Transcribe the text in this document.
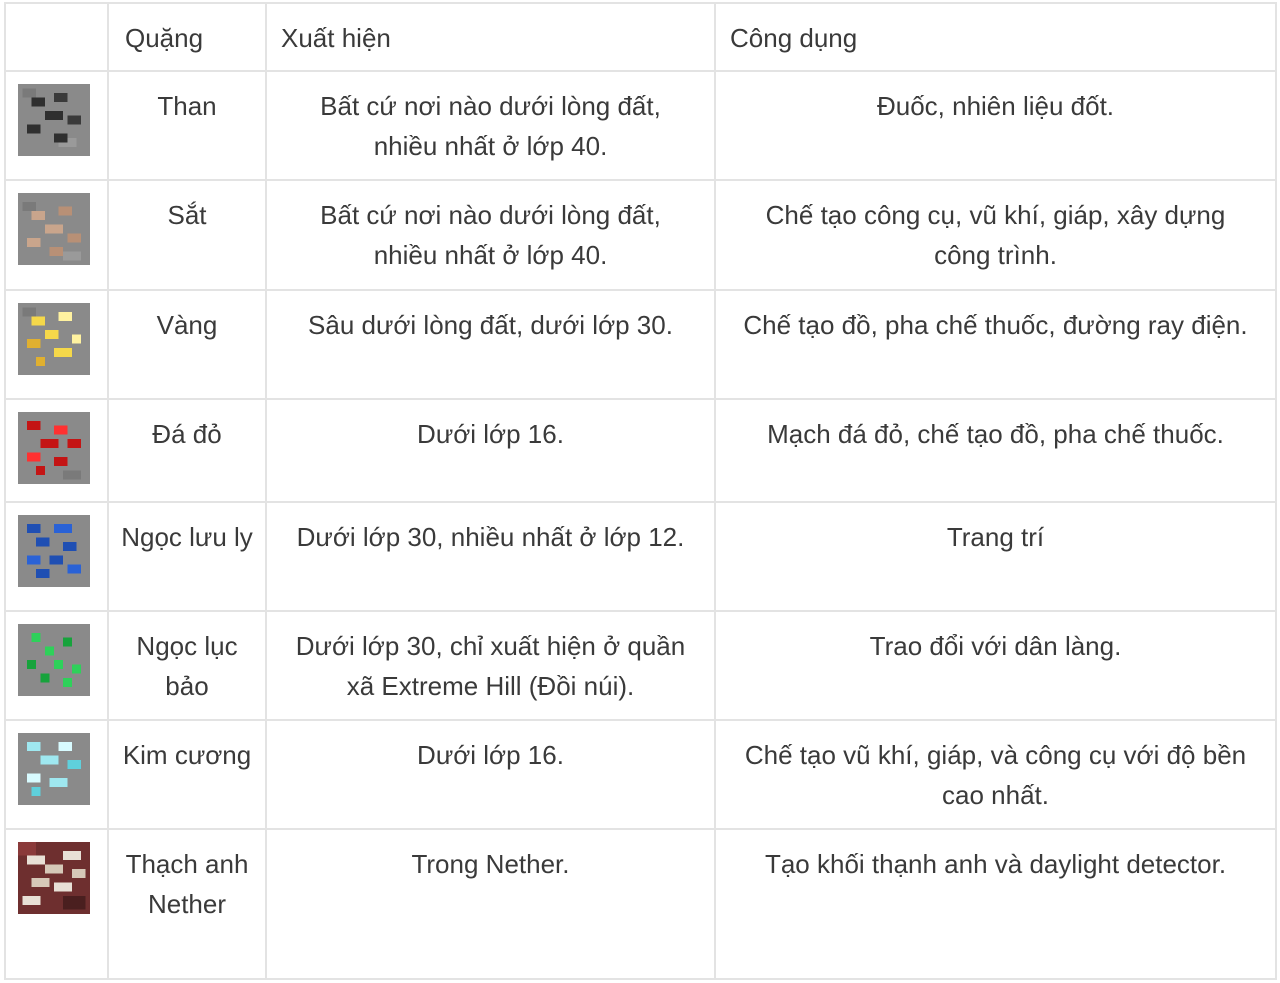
	Quặng	Xuất hiện	Công dụng

	Than	Bất cứ nơi nào dưới lòng đất, nhiều nhất ở lớp 40.	Đuốc, nhiên liệu đốt.

	Sắt	Bất cứ nơi nào dưới lòng đất, nhiều nhất ở lớp 40.	Chế tạo công cụ, vũ khí, giáp, xây dựng công trình.

	Vàng	Sâu dưới lòng đất, dưới lớp 30.	Chế tạo đồ, pha chế thuốc, đường ray điện.

	Đá đỏ	Dưới lớp 16.	Mạch đá đỏ, chế tạo đồ, pha chế thuốc.

	Ngọc lưu ly	Dưới lớp 30, nhiều nhất ở lớp 12.	Trang trí

	Ngọc lục bảo	Dưới lớp 30, chỉ xuất hiện ở quần xã Extreme Hill (Đồi núi).	Trao đổi với dân làng.

	Kim cương	Dưới lớp 16.	Chế tạo vũ khí, giáp, và công cụ với độ bền cao nhất.

	Thạch anh Nether	Trong Nether.	Tạo khối thạnh anh và daylight detector.
